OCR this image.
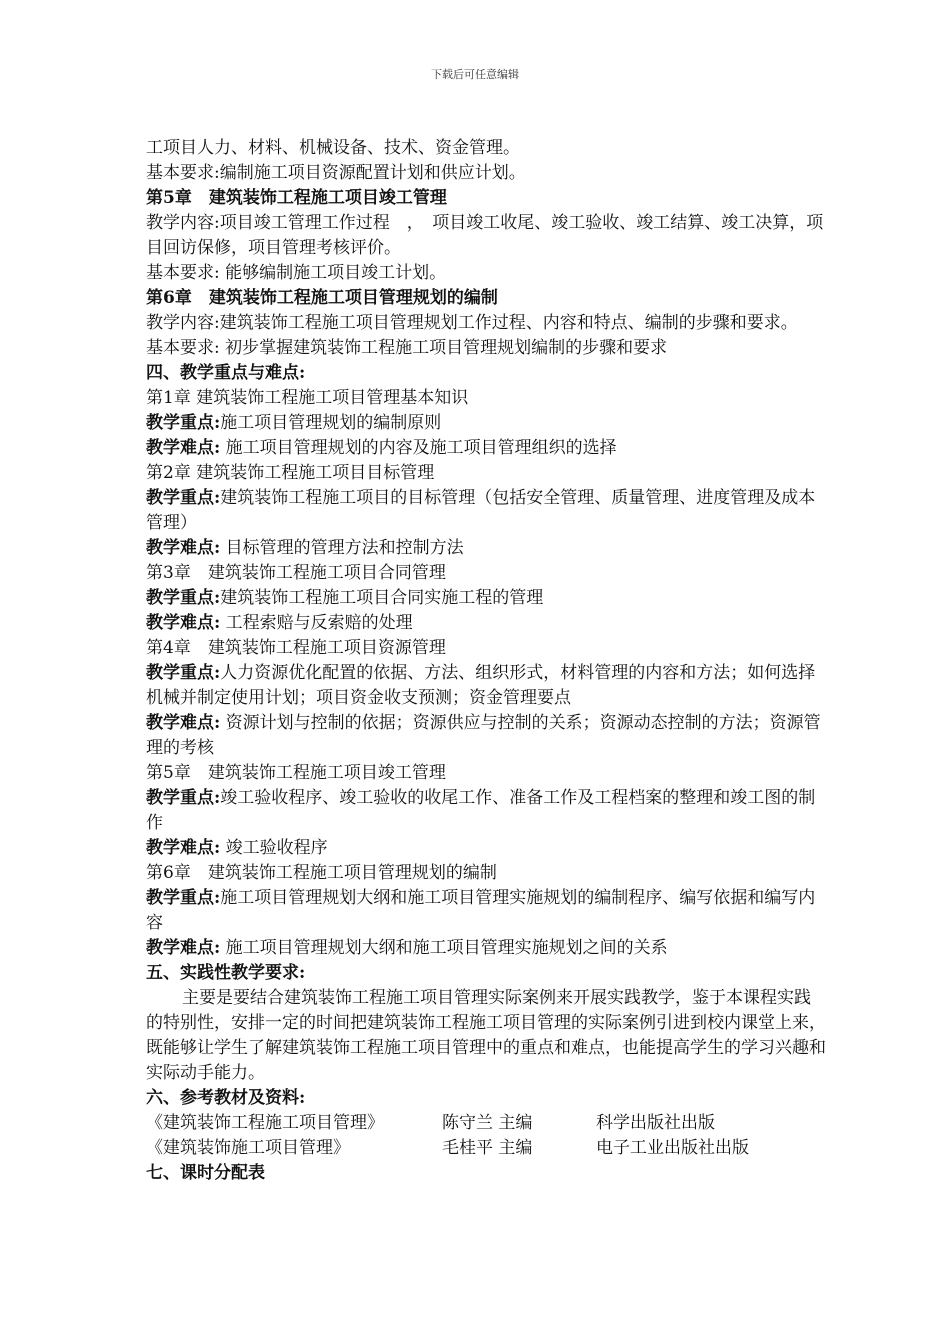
下载后可任意编辑
工项目人力、材料、机械设备、技术、资金管理。
基本要求:编制施工项目资源配置计划和供应计划。
第5章　建筑装饰工程施工项目竣工管理
教学内容:项目竣工管理工作过程　，　项目竣工收尾、竣工验收、竣工结算、竣工决算，项目回访保修，项目管理考核评价。
基本要求: 能够编制施工项目竣工计划。
第6章　建筑装饰工程施工项目管理规划的编制
教学内容:建筑装饰工程施工项目管理规划工作过程、内容和特点、编制的步骤和要求。
基本要求: 初步掌握建筑装饰工程施工项目管理规划编制的步骤和要求
四、教学重点与难点:
第1章 建筑装饰工程施工项目管理基本知识
教学重点:施工项目管理规划的编制原则
教学难点: 施工项目管理规划的内容及施工项目管理组织的选择
第2章 建筑装饰工程施工项目目标管理
教学重点:建筑装饰工程施工项目的目标管理（包括安全管理、质量管理、进度管理及成本管理）
教学难点: 目标管理的管理方法和控制方法
第3章　建筑装饰工程施工项目合同管理
教学重点:建筑装饰工程施工项目合同实施工程的管理
教学难点: 工程索赔与反索赔的处理
第4章　建筑装饰工程施工项目资源管理
教学重点:人力资源优化配置的依据、方法、组织形式，材料管理的内容和方法；如何选择机械并制定使用计划；项目资金收支预测；资金管理要点
教学难点: 资源计划与控制的依据；资源供应与控制的关系；资源动态控制的方法；资源管理的考核
第5章　建筑装饰工程施工项目竣工管理
教学重点:竣工验收程序、竣工验收的收尾工作、准备工作及工程档案的整理和竣工图的制作
教学难点: 竣工验收程序
第6章　建筑装饰工程施工项目管理规划的编制
教学重点:施工项目管理规划大纲和施工项目管理实施规划的编制程序、编写依据和编写内容
教学难点: 施工项目管理规划大纲和施工项目管理实施规划之间的关系
五、实践性教学要求:
主要是要结合建筑装饰工程施工项目管理实际案例来开展实践教学，鉴于本课程实践的特别性，安排一定的时间把建筑装饰工程施工项目管理的实际案例引进到校内课堂上来，既能够让学生了解建筑装饰工程施工项目管理中的重点和难点，也能提高学生的学习兴趣和实际动手能力。
六、参考教材及资料:
《建筑装饰工程施工项目管理》	陈守兰 主编	科学出版社出版
《建筑装饰施工项目管理》	毛桂平 主编	电子工业出版社出版
七、课时分配表
